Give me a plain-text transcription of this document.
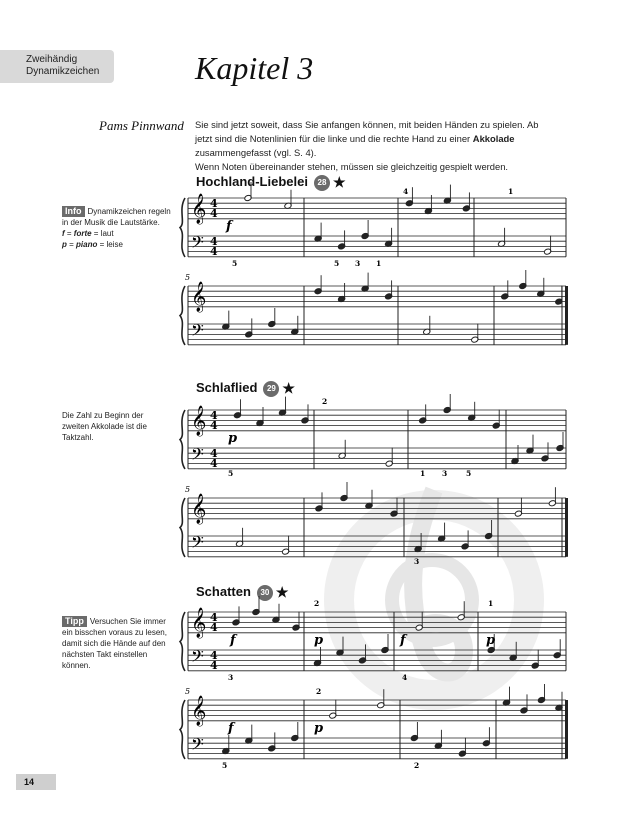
Zweihändig
Dynamikzeichen	Kapitel 3
Pams Pinnwand Sie sind jetzt soweit, dass Sie anfangen können, mit beiden Händen zu spielen. Ab jetzt sind die Notenlinien für die linke und die rechte Hand zu einer Akkolade zusammengefasst (vgl. S. 4).
Wenn Noten übereinander stehen, müssen sie gleichzeitig gespielt werden.
Hochland-Liebelei 28 ★
Schlaflied 29 ★
Schatten 30 ★
Info Dynamikzeichen regeln in der Musik die Lautstärke.
f = forte = laut
p = piano = leise
Die Zahl zu Beginn der zweiten Akkolade ist die Taktzahl.
Tipp Versuchen Sie immer ein bisschen voraus zu lesen, damit sich die Hände auf den nächsten Takt einstellen können.
14
𝄞
𝄢
4
4
4
4
f
4	1
5	5 3 1
𝄞
𝄢
5
𝄞
𝄢
4
4
4
4
p
2
5	1 3	5
𝄞
𝄢
5
3
𝄞
𝄢
4
4
4
4
f	p	f	p
2	1
3	4
𝄞
𝄢
5
f	p
2
5	2
